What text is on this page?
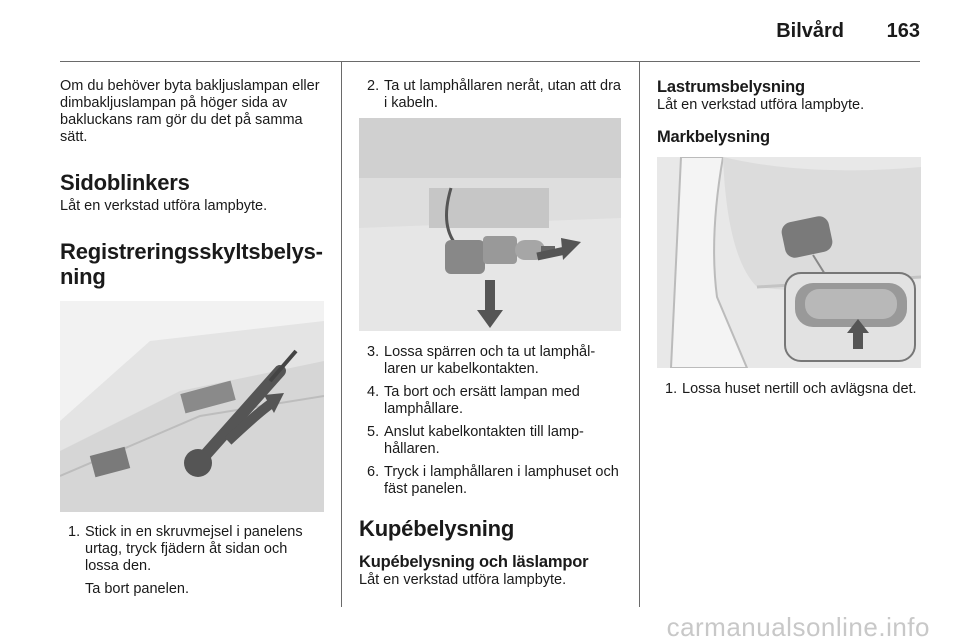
Bilvård	163

Om du behöver byta bakljuslampan eller dimbakljuslampan på höger sida av bakluckans ram gör du det på samma sätt.

Sidoblinkers

Låt en verkstad utföra lampbyte.

Registreringsskyltsbelys-
ning
1. Stick in en skruvmejsel i panelens urtag, tryck fjädern åt sidan och lossa den.

Ta bort panelen.

2. Ta ut lamphållaren neråt, utan att dra i kabeln.
3. Lossa spärren och ta ut lamphål-laren ur kabelkontakten.
4. Ta bort och ersätt lampan med lamphållare.
5. Anslut kabelkontakten till lamp-hållaren.
6. Tryck i lamphållaren i lamphuset och fäst panelen.
Kupébelysning
Kupébelysning och läslampor

Låt en verkstad utföra lampbyte.

Lastrumsbelysning

Låt en verkstad utföra lampbyte.

Markbelysning
1. Lossa huset nertill och avlägsna det.
carmanualsonline.info
